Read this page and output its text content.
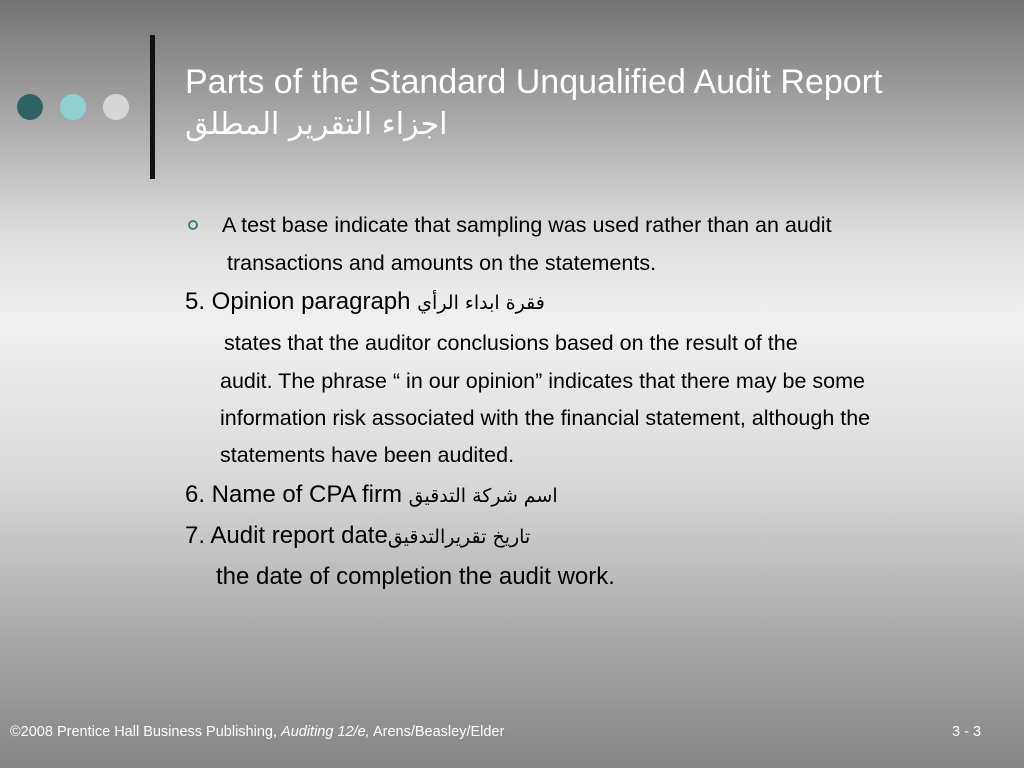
Parts of the Standard Unqualified Audit Report
اجزاء التقرير المطلق
A test base indicate that sampling was used rather than an audit
transactions and amounts on the statements.
5. Opinion paragraph فقرة ابداء الرأي
states that the auditor conclusions based on the result of the
audit. The phrase “ in our opinion” indicates that there may be some
information risk associated with the financial statement, although the
statements have been audited.
6. Name of CPA firm اسم شركة التدقيق
7. Audit report dateتاريخ تقريرالتدقيق
the date of completion the audit work.
©2008 Prentice Hall Business Publishing, Auditing 12/e, Arens/Beasley/Elder	3 - 3
